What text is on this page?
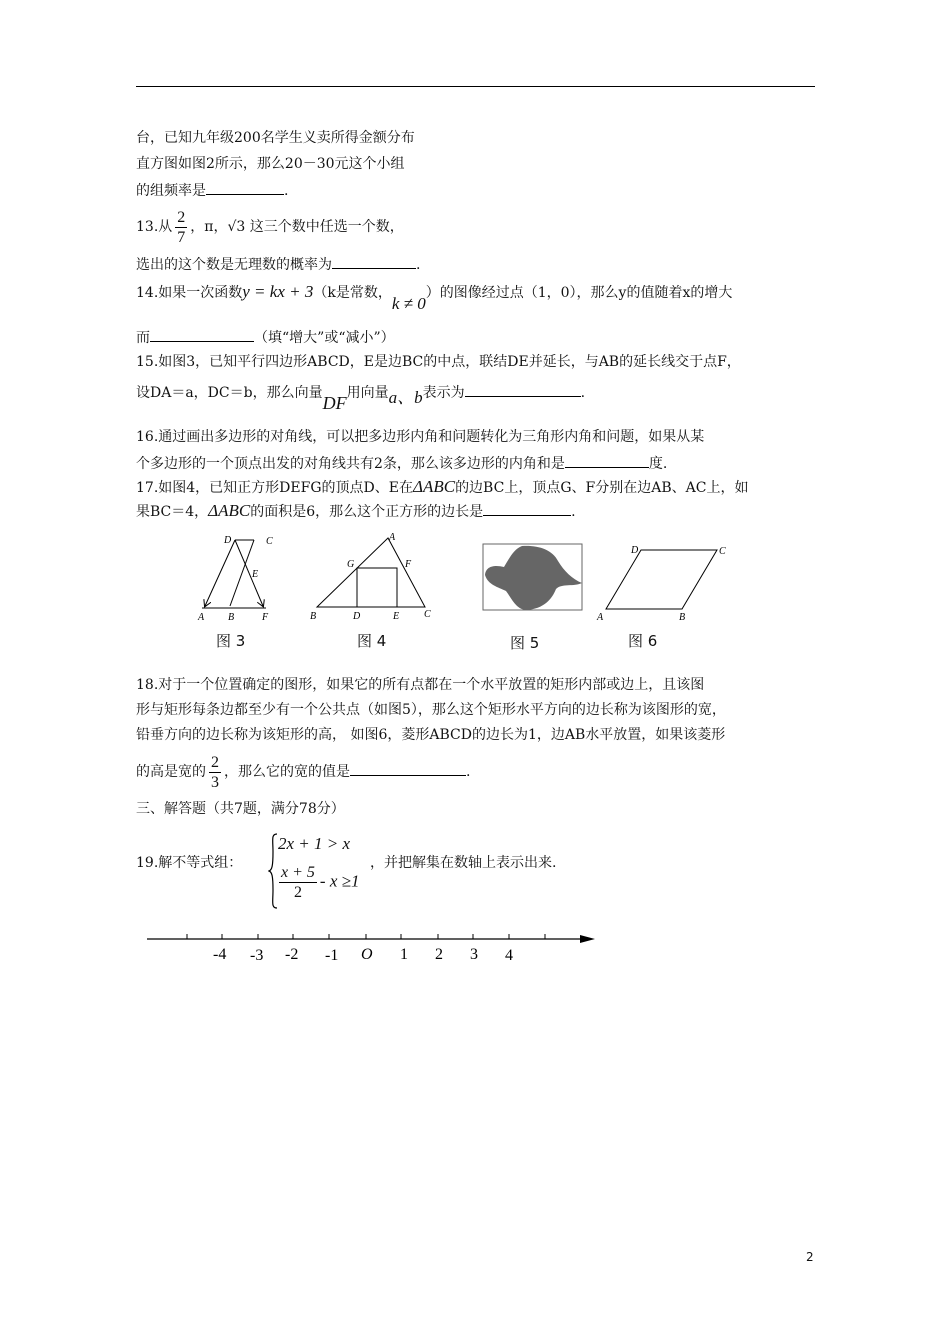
台，已知九年级200名学生义卖所得金额分布
直方图如图2所示，那么20－30元这个小组
的组频率是	.
13.从 $\frac{2}{7}$ ，π，√3 这三个数中任选一个数，
选出的这个数是无理数的概率为	.
14.如果一次函数y = kx + 3（k是常数，k ≠ 0）的图像经过点（1，0），那么y的值随着x的增大
而	（填“增大”或“减小”）
15.如图3，已知平行四边形ABCD，E是边BC的中点，联结DE并延长，与AB的延长线交于点F，
设DA＝a，DC＝b，那么向量DF用向量a、b表示为	.
16.通过画出多边形的对角线，可以把多边形内角和问题转化为三角形内角和问题，如果从某
个多边形的一个顶点出发的对角线共有2条，那么该多边形的内角和是	度.
17.如图4，已知正方形DEFG的顶点D、E在ΔABC的边BC上，顶点G、F分别在边AB、AC上，如
果BC＝4，ΔABC的面积是6，那么这个正方形的边长是	.
D	C
E
A B	F
图 3
A
G	F
B	D	E C
图 4	图 5
D	C
A	B
图 6
18.对于一个位置确定的图形，如果它的所有点都在一个水平放置的矩形内部或边上，且该图
形与矩形每条边都至少有一个公共点（如图5），那么这个矩形水平方向的边长称为该图形的宽，
铅垂方向的边长称为该矩形的高， 如图6，菱形ABCD的边长为1，边AB水平放置，如果该菱形
的高是宽的 $\frac{2}{3}$ ，那么它的宽的值是	.
三、解答题（共7题，满分78分）
19.解不等式组：
2x + 1 > x
$\frac{x + 5}{2} - x \ge 1$
，并把解集在数轴上表示出来.
-4 -3 -2 -1 O 1 2 3 4
2
